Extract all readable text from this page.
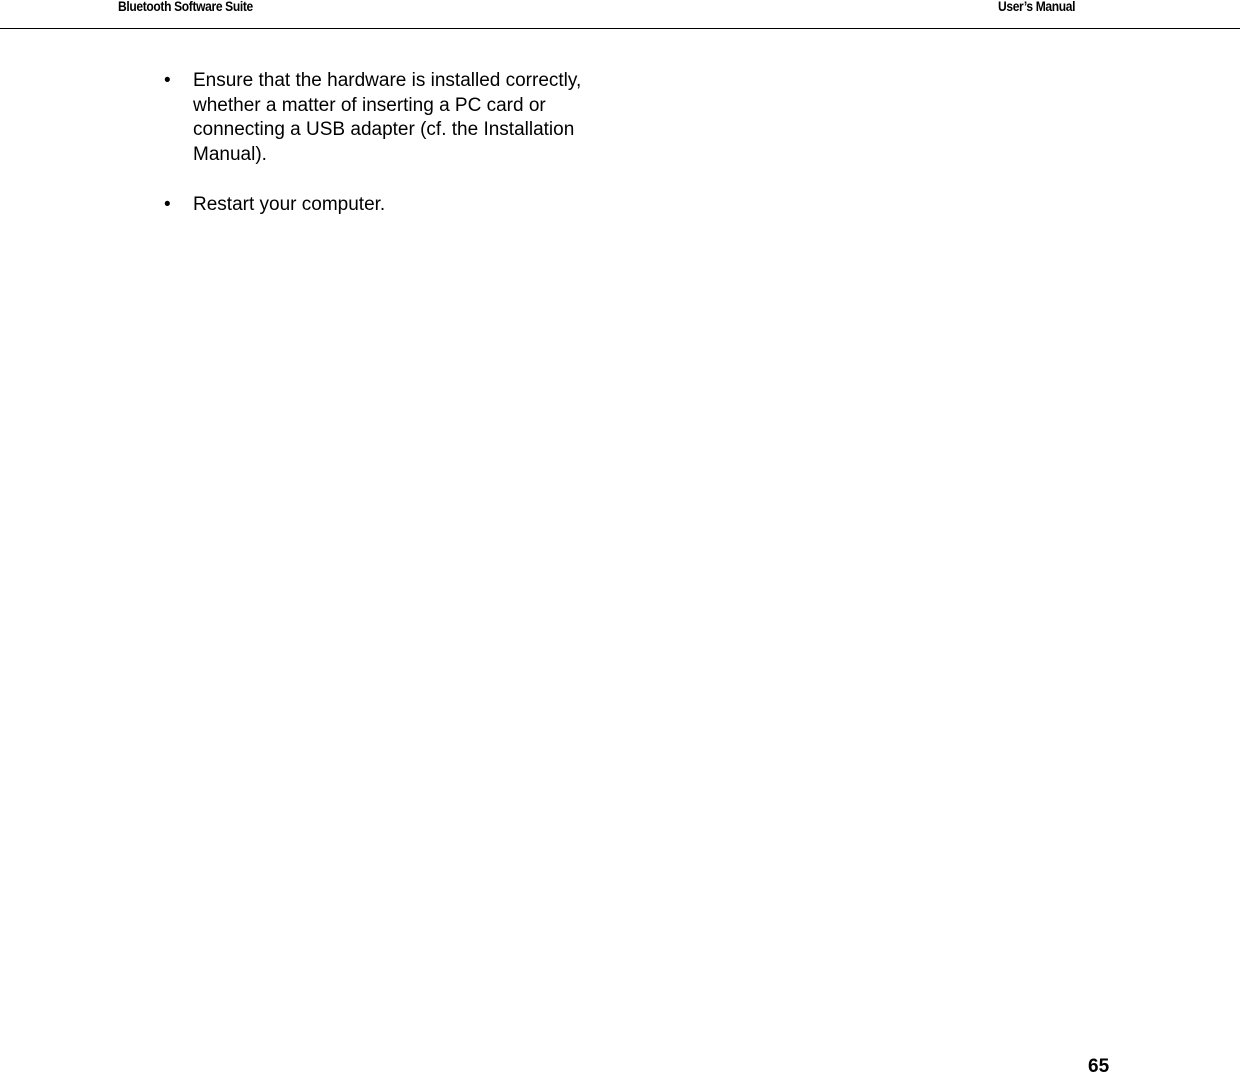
Bluetooth Software Suite	User’s Manual
•	Ensure that the hardware is installed correctly, whether a matter of inserting a PC card or connecting a USB adapter (cf. the Installation Manual).
•	Restart your computer.
65
